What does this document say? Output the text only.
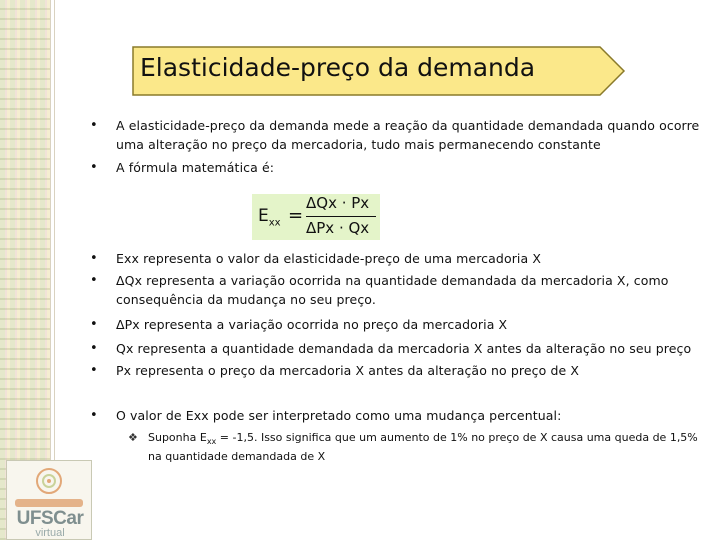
Elasticidade-preço da demanda
• A elasticidade-preço da demanda mede a reação da quantidade demandada quando ocorre uma alteração no preço da mercadoria, tudo mais permanecendo constante
• A fórmula matemática é:
• Exx representa o valor da elasticidade-preço de uma mercadoria X
• ΔQx representa a variação ocorrida na quantidade demandada da mercadoria X, como consequência da mudança no seu preço.
• ΔPx representa a variação ocorrida no preço da mercadoria X
• Qx representa a quantidade demandada da mercadoria X antes da alteração no seu preço
• Px representa o preço da mercadoria X antes da alteração no preço de X
• O valor de Exx pode ser interpretado como uma mudança percentual:
$E_{xx}$ =
ΔQx · Px
ΔPx · Qx
❖ Suponha $E_{xx} = -1,5$. Isso significa que um aumento de 1% no preço de X causa uma queda de 1,5% na quantidade demandada de X
UFSCar
virtual
